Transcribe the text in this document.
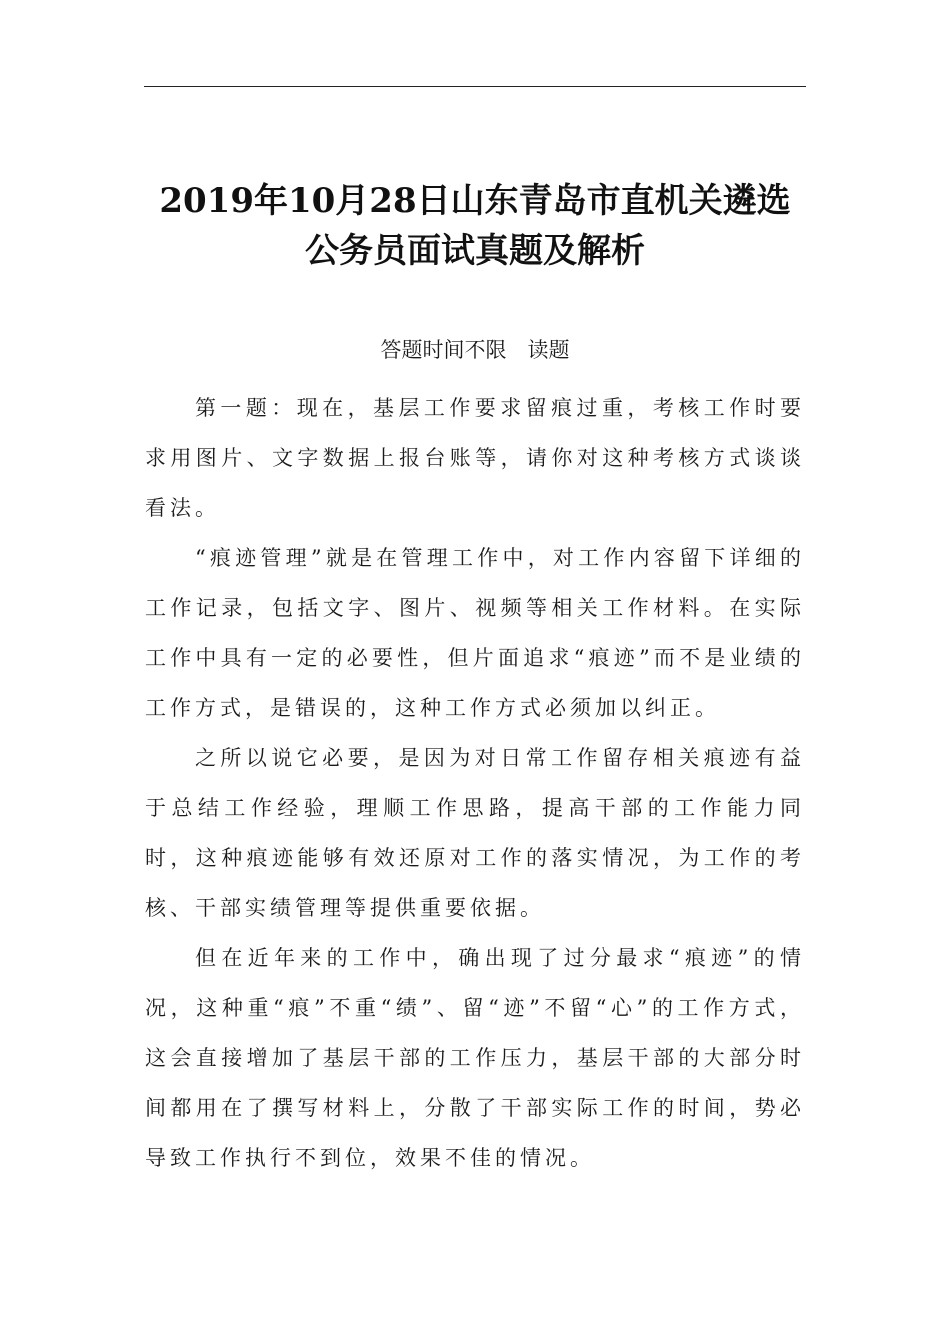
2019年10月28日山东青岛市直机关遴选
公务员面试真题及解析
答题时间不限　读题

第一题：现在，基层工作要求留痕过重，考核工作时要求用图片、文字数据上报台账等，请你对这种考核方式谈谈看法。

“痕迹管理”就是在管理工作中，对工作内容留下详细的工作记录，包括文字、图片、视频等相关工作材料。在实际工作中具有一定的必要性，但片面追求“痕迹”而不是业绩的工作方式，是错误的，这种工作方式必须加以纠正。

之所以说它必要，是因为对日常工作留存相关痕迹有益于总结工作经验，理顺工作思路，提高干部的工作能力同时，这种痕迹能够有效还原对工作的落实情况，为工作的考核、干部实绩管理等提供重要依据。

但在近年来的工作中，确出现了过分最求“痕迹”的情况，这种重“痕”不重“绩”、留“迹”不留“心”的工作方式，这会直接增加了基层干部的工作压力，基层干部的大部分时间都用在了撰写材料上，分散了干部实际工作的时间，势必导致工作执行不到位，效果不佳的情况。
